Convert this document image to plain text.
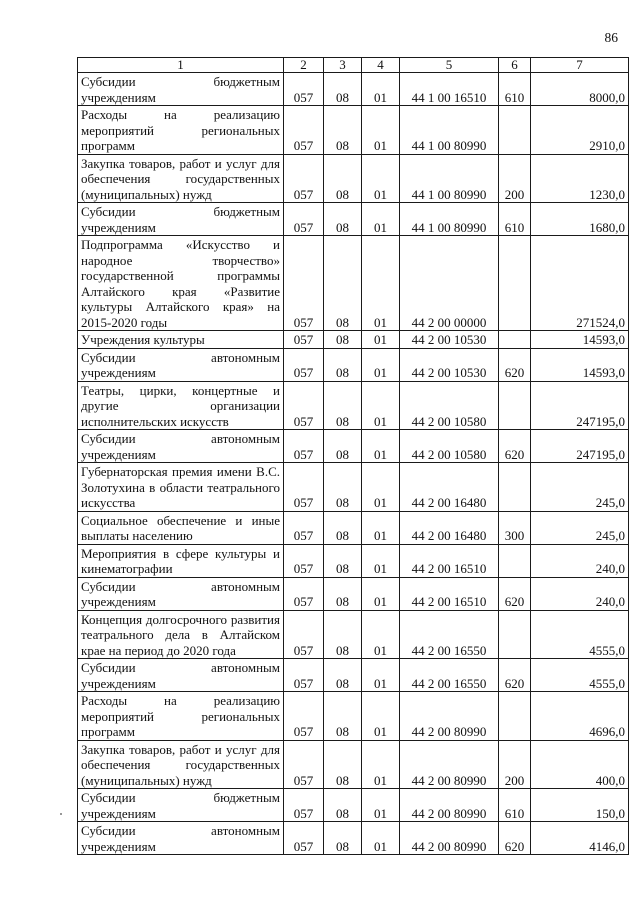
86
1	2	3	4	5	6	7
Субсидии бюджетным учреждениям	057	08	01	44 1 00 16510	610	8000,0
Расходы на реализацию мероприятий региональных программ	057	08	01	44 1 00 80990		2910,0
Закупка товаров, работ и услуг для обеспечения государственных (муниципальных) нужд	057	08	01	44 1 00 80990	200	1230,0
Субсидии бюджетным учреждениям	057	08	01	44 1 00 80990	610	1680,0
Подпрограмма «Искусство и народное творчество» государственной программы Алтайского края «Развитие культуры Алтайского края» на 2015-2020 годы	057	08	01	44 2 00 00000		271524,0
Учреждения культуры	057	08	01	44 2 00 10530		14593,0
Субсидии автономным учреждениям	057	08	01	44 2 00 10530	620	14593,0
Театры, цирки, концертные и другие организации исполнительских искусств	057	08	01	44 2 00 10580		247195,0
Субсидии автономным учреждениям	057	08	01	44 2 00 10580	620	247195,0
Губернаторская премия имени В.С. Золотухина в области театрального искусства	057	08	01	44 2 00 16480		245,0
Социальное обеспечение и иные выплаты населению	057	08	01	44 2 00 16480	300	245,0
Мероприятия в сфере культуры и кинематографии	057	08	01	44 2 00 16510		240,0
Субсидии автономным учреждениям	057	08	01	44 2 00 16510	620	240,0
Концепция долгосрочного развития театрального дела в Алтайском крае на период до 2020 года	057	08	01	44 2 00 16550		4555,0
Субсидии автономным учреждениям	057	08	01	44 2 00 16550	620	4555,0
Расходы на реализацию мероприятий региональных программ	057	08	01	44 2 00 80990		4696,0
Закупка товаров, работ и услуг для обеспечения государственных (муниципальных) нужд	057	08	01	44 2 00 80990	200	400,0
Субсидии бюджетным учреждениям	057	08	01	44 2 00 80990	610	150,0
Субсидии автономным учреждениям	057	08	01	44 2 00 80990	620	4146,0
